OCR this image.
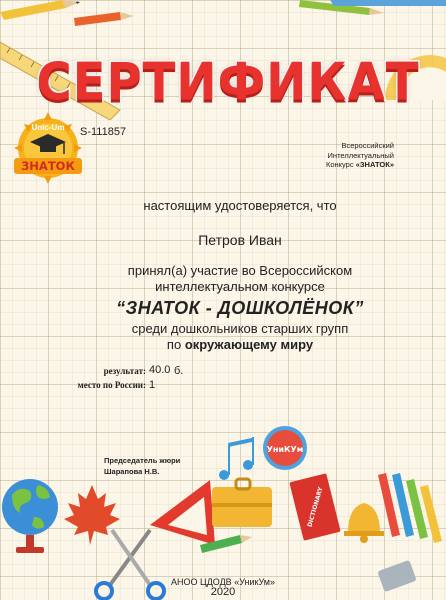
СЕРТИФИКАТ
Unic-Um
ЗНАТОК
S-111857
Всероссийский
Интеллектуальный
Конкурс «ЗНАТОК»
настоящим удостоверяется, что
Петров Иван
принял(а) участие во Всероссийском
интеллектуальном конкурсе
“ЗНАТОК - ДОШКОЛЁНОК”
среди дошкольников старших групп
по окружающему миру
результат: 40.0 б.
место по России: 1
Председатель жюри
Шарапова Н.В.
УниКУм
DICTIONARY
АНОО ЦДОДВ «УникУм»
2020
